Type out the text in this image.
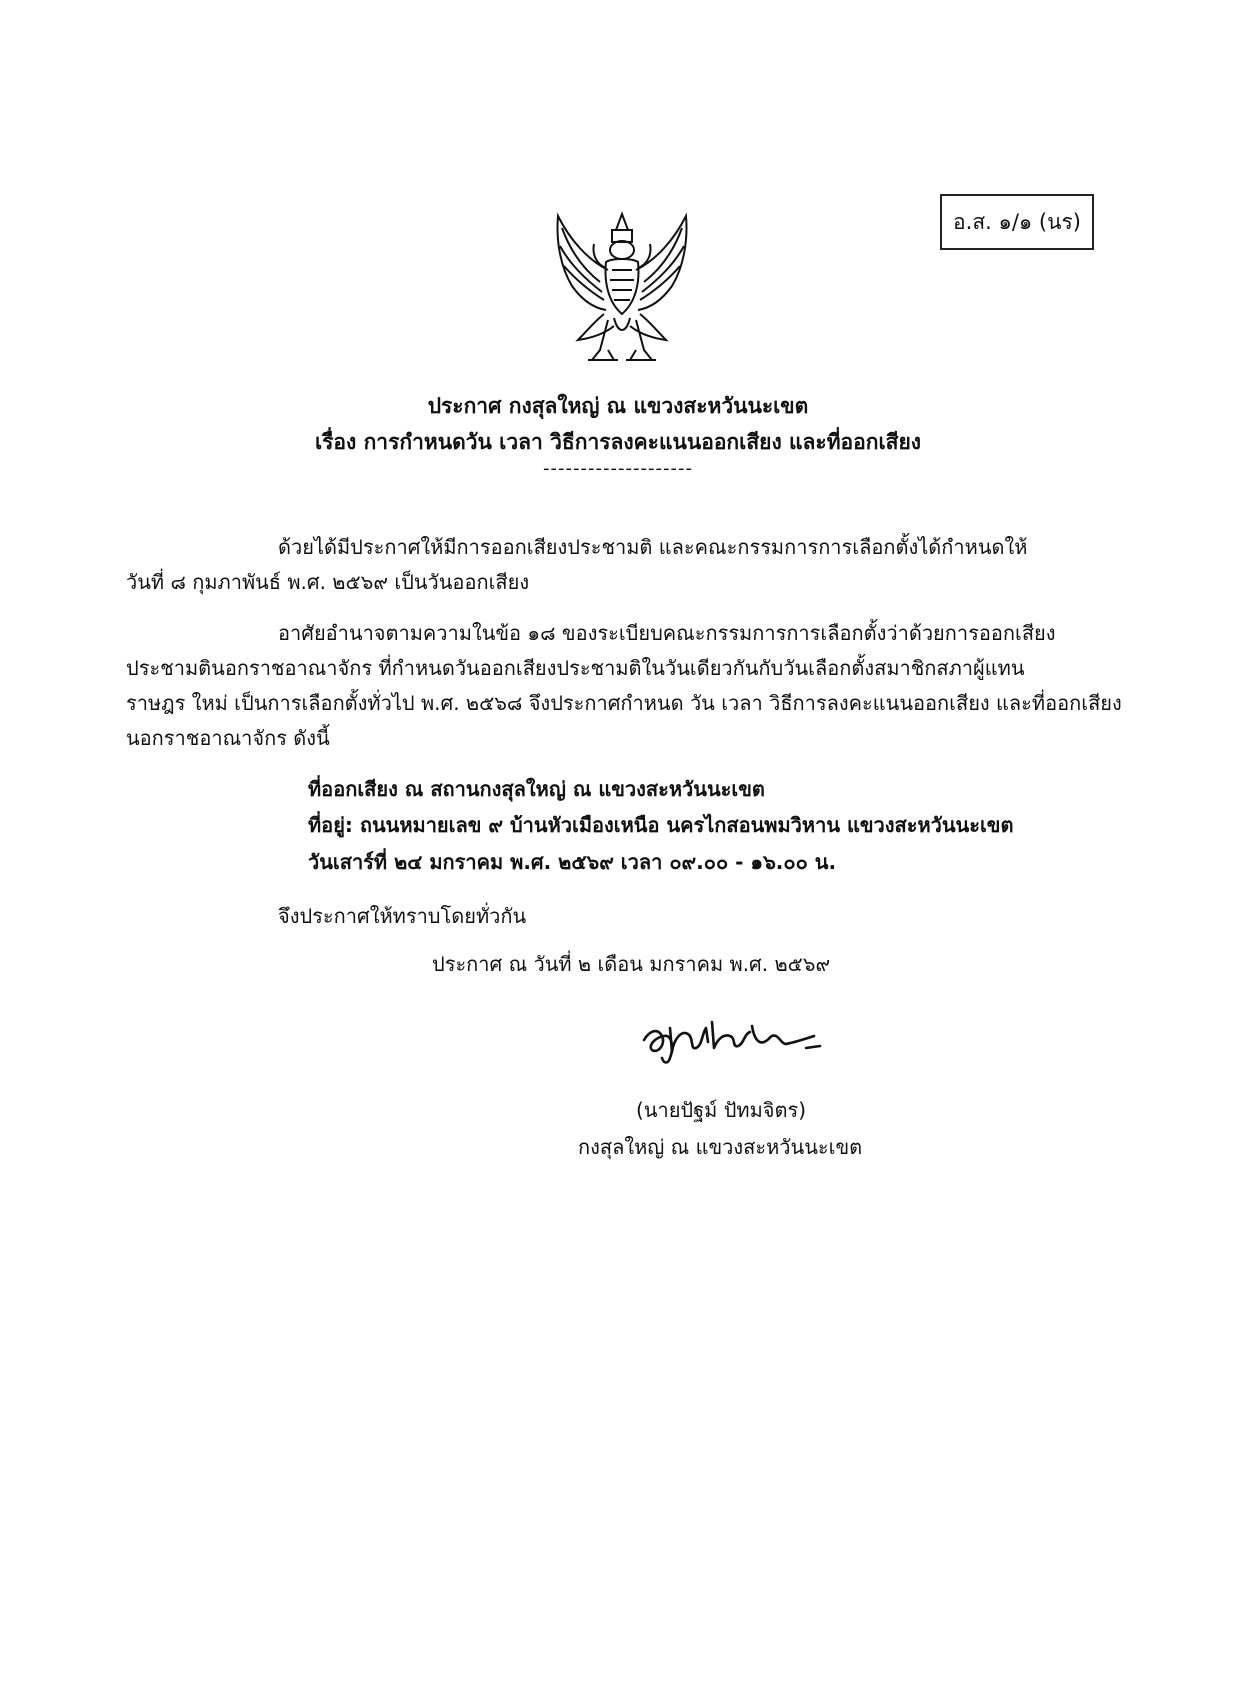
อ.ส. ๑/๑ (นร)
ประกาศ กงสุลใหญ่ ณ แขวงสะหวันนะเขต
เรื่อง การกำหนดวัน เวลา วิธีการลงคะแนนออกเสียง และที่ออกเสียง
--------------------
ด้วยได้มีประกาศให้มีการออกเสียงประชามติ และคณะกรรมการการเลือกตั้งได้กำหนดให้
วันที่ ๘ กุมภาพันธ์ พ.ศ. ๒๕๖๙ เป็นวันออกเสียง
อาศัยอำนาจตามความในข้อ ๑๘ ของระเบียบคณะกรรมการการเลือกตั้งว่าด้วยการออกเสียง
ประชามตินอกราชอาณาจักร ที่กำหนดวันออกเสียงประชามติในวันเดียวกันกับวันเลือกตั้งสมาชิกสภาผู้แทน
ราษฎร ใหม่ เป็นการเลือกตั้งทั่วไป พ.ศ. ๒๕๖๘ จึงประกาศกำหนด วัน เวลา วิธีการลงคะแนนออกเสียง และที่ออกเสียง
นอกราชอาณาจักร ดังนี้
ที่ออกเสียง ณ สถานกงสุลใหญ่ ณ แขวงสะหวันนะเขต
ที่อยู่: ถนนหมายเลข ๙ บ้านหัวเมืองเหนือ นครไกสอนพมวิหาน แขวงสะหวันนะเขต
วันเสาร์ที่ ๒๔ มกราคม พ.ศ. ๒๕๖๙ เวลา ๐๙.๐๐ - ๑๖.๐๐ น.
จึงประกาศให้ทราบโดยทั่วกัน
ประกาศ ณ วันที่ ๒ เดือน มกราคม พ.ศ. ๒๕๖๙
(นายปัฐม์ ปัทมจิตร)
กงสุลใหญ่ ณ แขวงสะหวันนะเขต
